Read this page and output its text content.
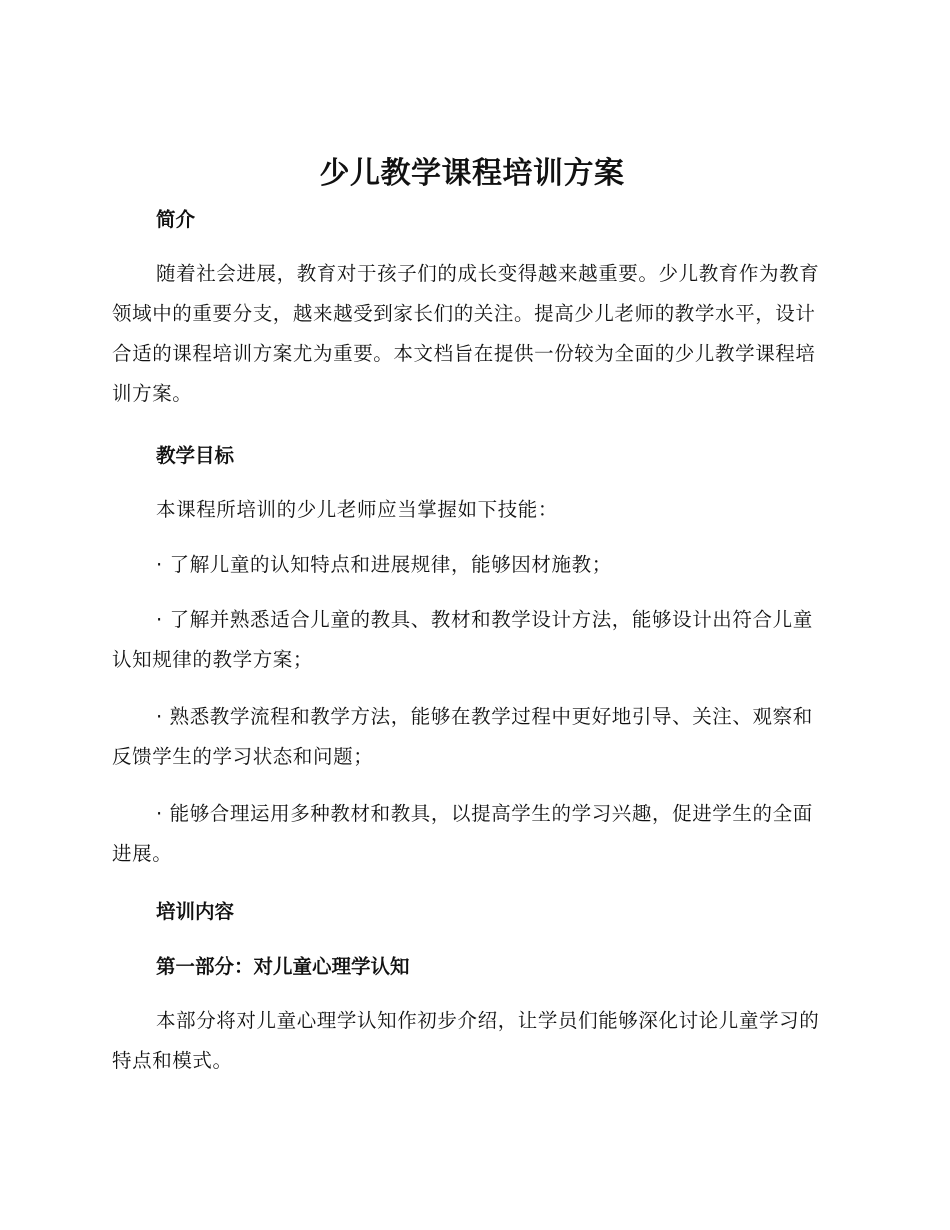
少儿教学课程培训方案
简介

随着社会进展，教育对于孩子们的成长变得越来越重要。少儿教育作为教育领域中的重要分支，越来越受到家长们的关注。提高少儿老师的教学水平，设计合适的课程培训方案尤为重要。本文档旨在提供一份较为全面的少儿教学课程培训方案。

教学目标

本课程所培训的少儿老师应当掌握如下技能：

· 了解儿童的认知特点和进展规律，能够因材施教；

· 了解并熟悉适合儿童的教具、教材和教学设计方法，能够设计出符合儿童认知规律的教学方案；

· 熟悉教学流程和教学方法，能够在教学过程中更好地引导、关注、观察和反馈学生的学习状态和问题；

· 能够合理运用多种教材和教具，以提高学生的学习兴趣，促进学生的全面进展。

培训内容
第一部分：对儿童心理学认知

本部分将对儿童心理学认知作初步介绍，让学员们能够深化讨论儿童学习的特点和模式。
